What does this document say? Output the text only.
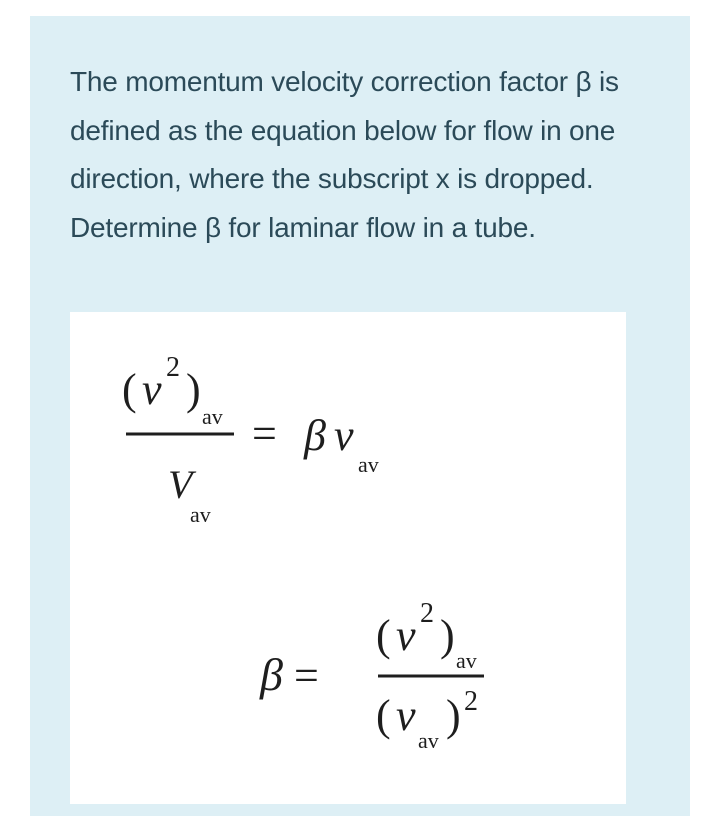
The momentum velocity correction factor β is defined as the equation below for flow in one direction, where the subscript x is dropped. Determine β for laminar flow in a tube.

( v 2 )
av
V
av
= β v
av
β =
( v 2 )
av
( v
av
) 2
